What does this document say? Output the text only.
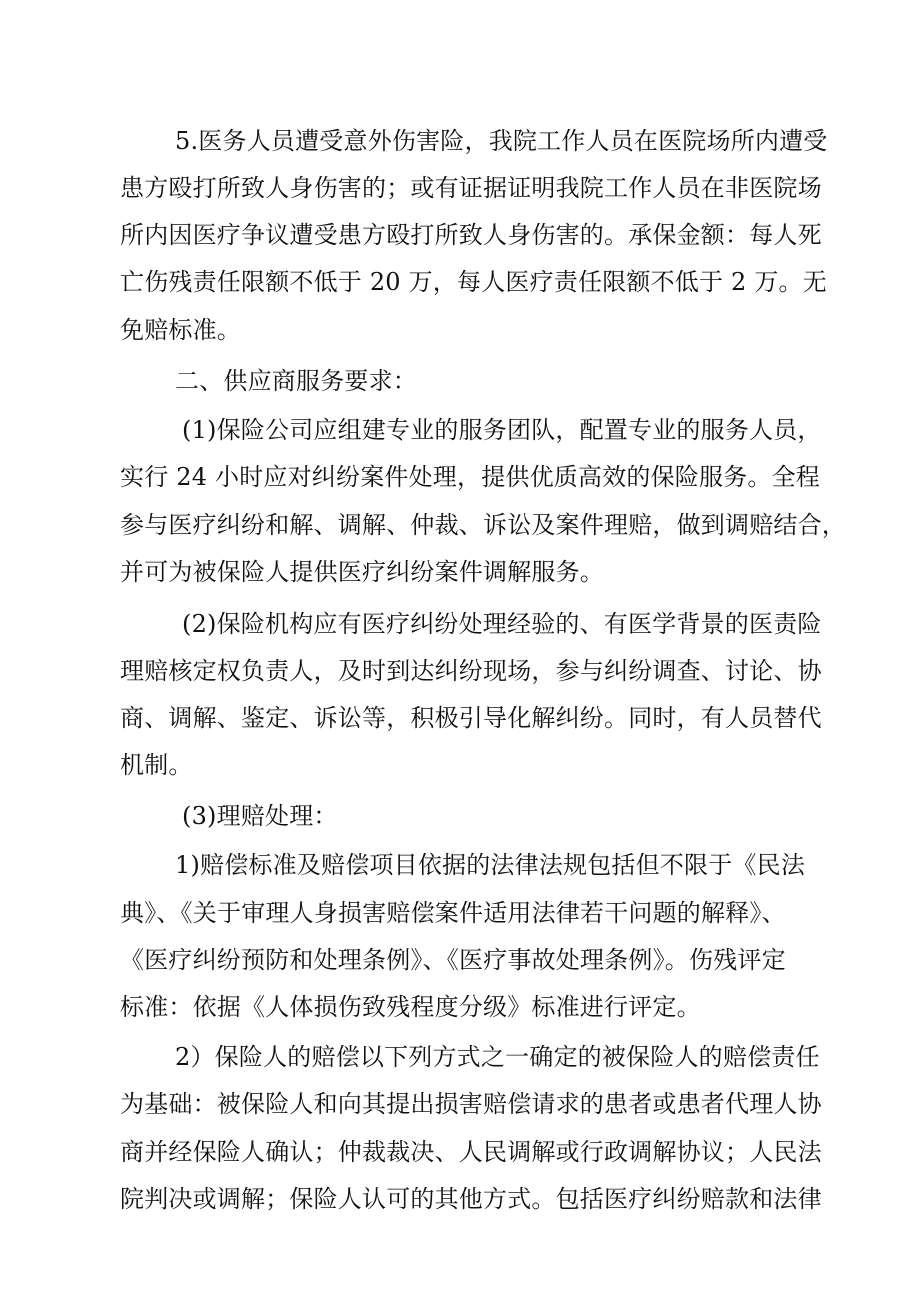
5.医务人员遭受意外伤害险，我院工作人员在医院场所内遭受
患方殴打所致人身伤害的；或有证据证明我院工作人员在非医院场
所内因医疗争议遭受患方殴打所致人身伤害的。承保金额：每人死
亡伤残责任限额不低于 20 万，每人医疗责任限额不低于 2 万。无
免赔标准。
二、供应商服务要求：
(1)保险公司应组建专业的服务团队，配置专业的服务人员，
实行 24 小时应对纠纷案件处理，提供优质高效的保险服务。全程
参与医疗纠纷和解、调解、仲裁、诉讼及案件理赔，做到调赔结合，
并可为被保险人提供医疗纠纷案件调解服务。
(2)保险机构应有医疗纠纷处理经验的、有医学背景的医责险
理赔核定权负责人，及时到达纠纷现场，参与纠纷调查、讨论、协
商、调解、鉴定、诉讼等，积极引导化解纠纷。同时，有人员替代
机制。
(3)理赔处理：
1)赔偿标准及赔偿项目依据的法律法规包括但不限于《民法
典》、《关于审理人身损害赔偿案件适用法律若干问题的解释》、
《医疗纠纷预防和处理条例》、《医疗事故处理条例》。伤残评定
标准：依据《人体损伤致残程度分级》标准进行评定。
2）保险人的赔偿以下列方式之一确定的被保险人的赔偿责任
为基础：被保险人和向其提出损害赔偿请求的患者或患者代理人协
商并经保险人确认；仲裁裁决、人民调解或行政调解协议；人民法
院判决或调解；保险人认可的其他方式。包括医疗纠纷赔款和法律
